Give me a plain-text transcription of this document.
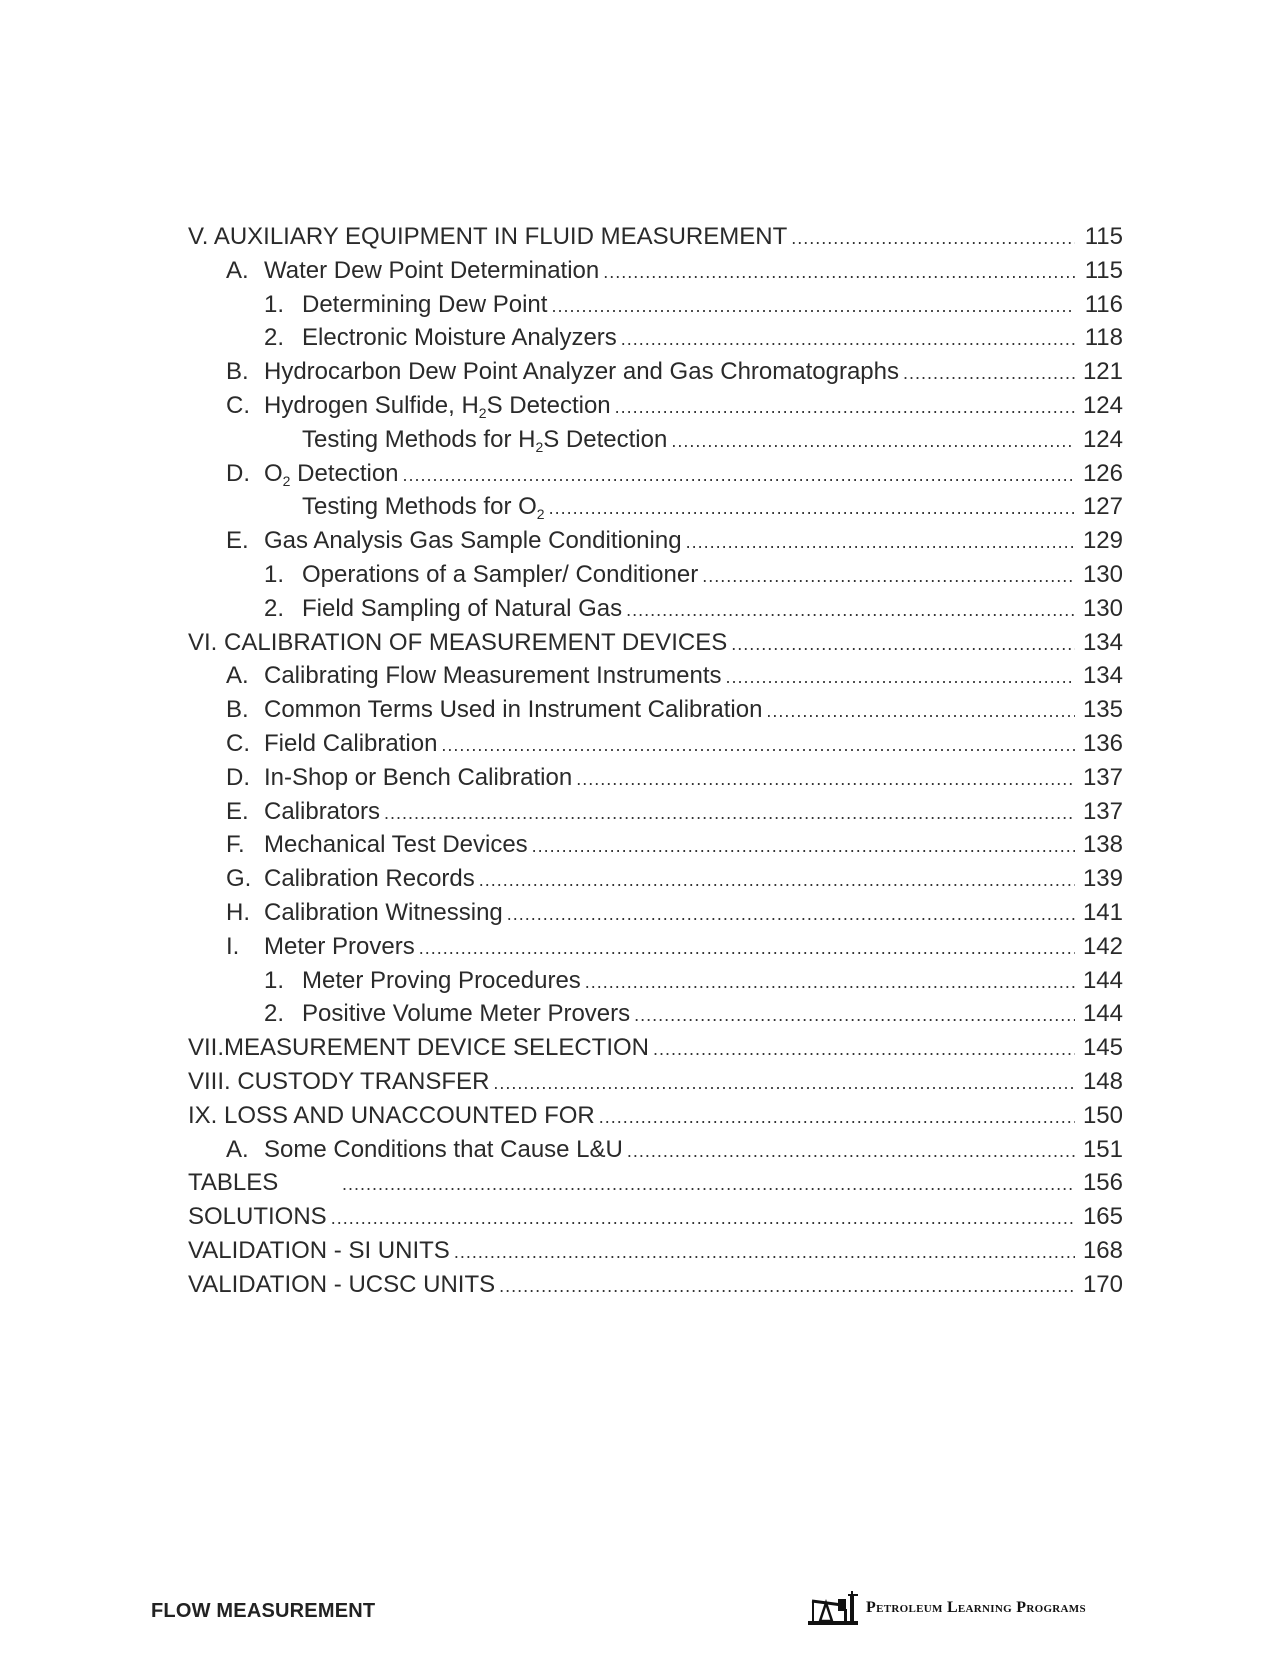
V. AUXILIARY EQUIPMENT IN FLUID MEASUREMENT .....	115
A. Water Dew Point Determination .....	115
1. Determining Dew Point .....	116
2. Electronic Moisture Analyzers .....	118
B. Hydrocarbon Dew Point Analyzer and Gas Chromatographs .....	121
C. Hydrogen Sulfide, $H_2S$ Detection .....	124
Testing Methods for $H_2S$ Detection .....	124
D. $O_2$ Detection .....	126
Testing Methods for $O_2$ .....	127
E. Gas Analysis Gas Sample Conditioning .....	129
1. Operations of a Sampler/ Conditioner .....	130
2. Field Sampling of Natural Gas .....	130
VI. CALIBRATION OF MEASUREMENT DEVICES .....	134
A. Calibrating Flow Measurement Instruments .....	134
B. Common Terms Used in Instrument Calibration .....	135
C. Field Calibration .....	136
D. In-Shop or Bench Calibration .....	137
E. Calibrators .....	137
F. Mechanical Test Devices .....	138
G. Calibration Records .....	139
H. Calibration Witnessing .....	141
I.	Meter Provers .....	142
1. Meter Proving Procedures .....	144
2. Positive Volume Meter Provers .....	144
VII.MEASUREMENT DEVICE SELECTION .....	145
VIII. CUSTODY TRANSFER .....	148
IX. LOSS AND UNACCOUNTED FOR .....	150
A. Some Conditions that Cause L&U .....	151
TABLES .....	156
SOLUTIONS .....	165
VALIDATION - SI UNITS .....	168
VALIDATION - UCSC UNITS .....	170
FLOW MEASUREMENT	Petroleum Learning Programs
